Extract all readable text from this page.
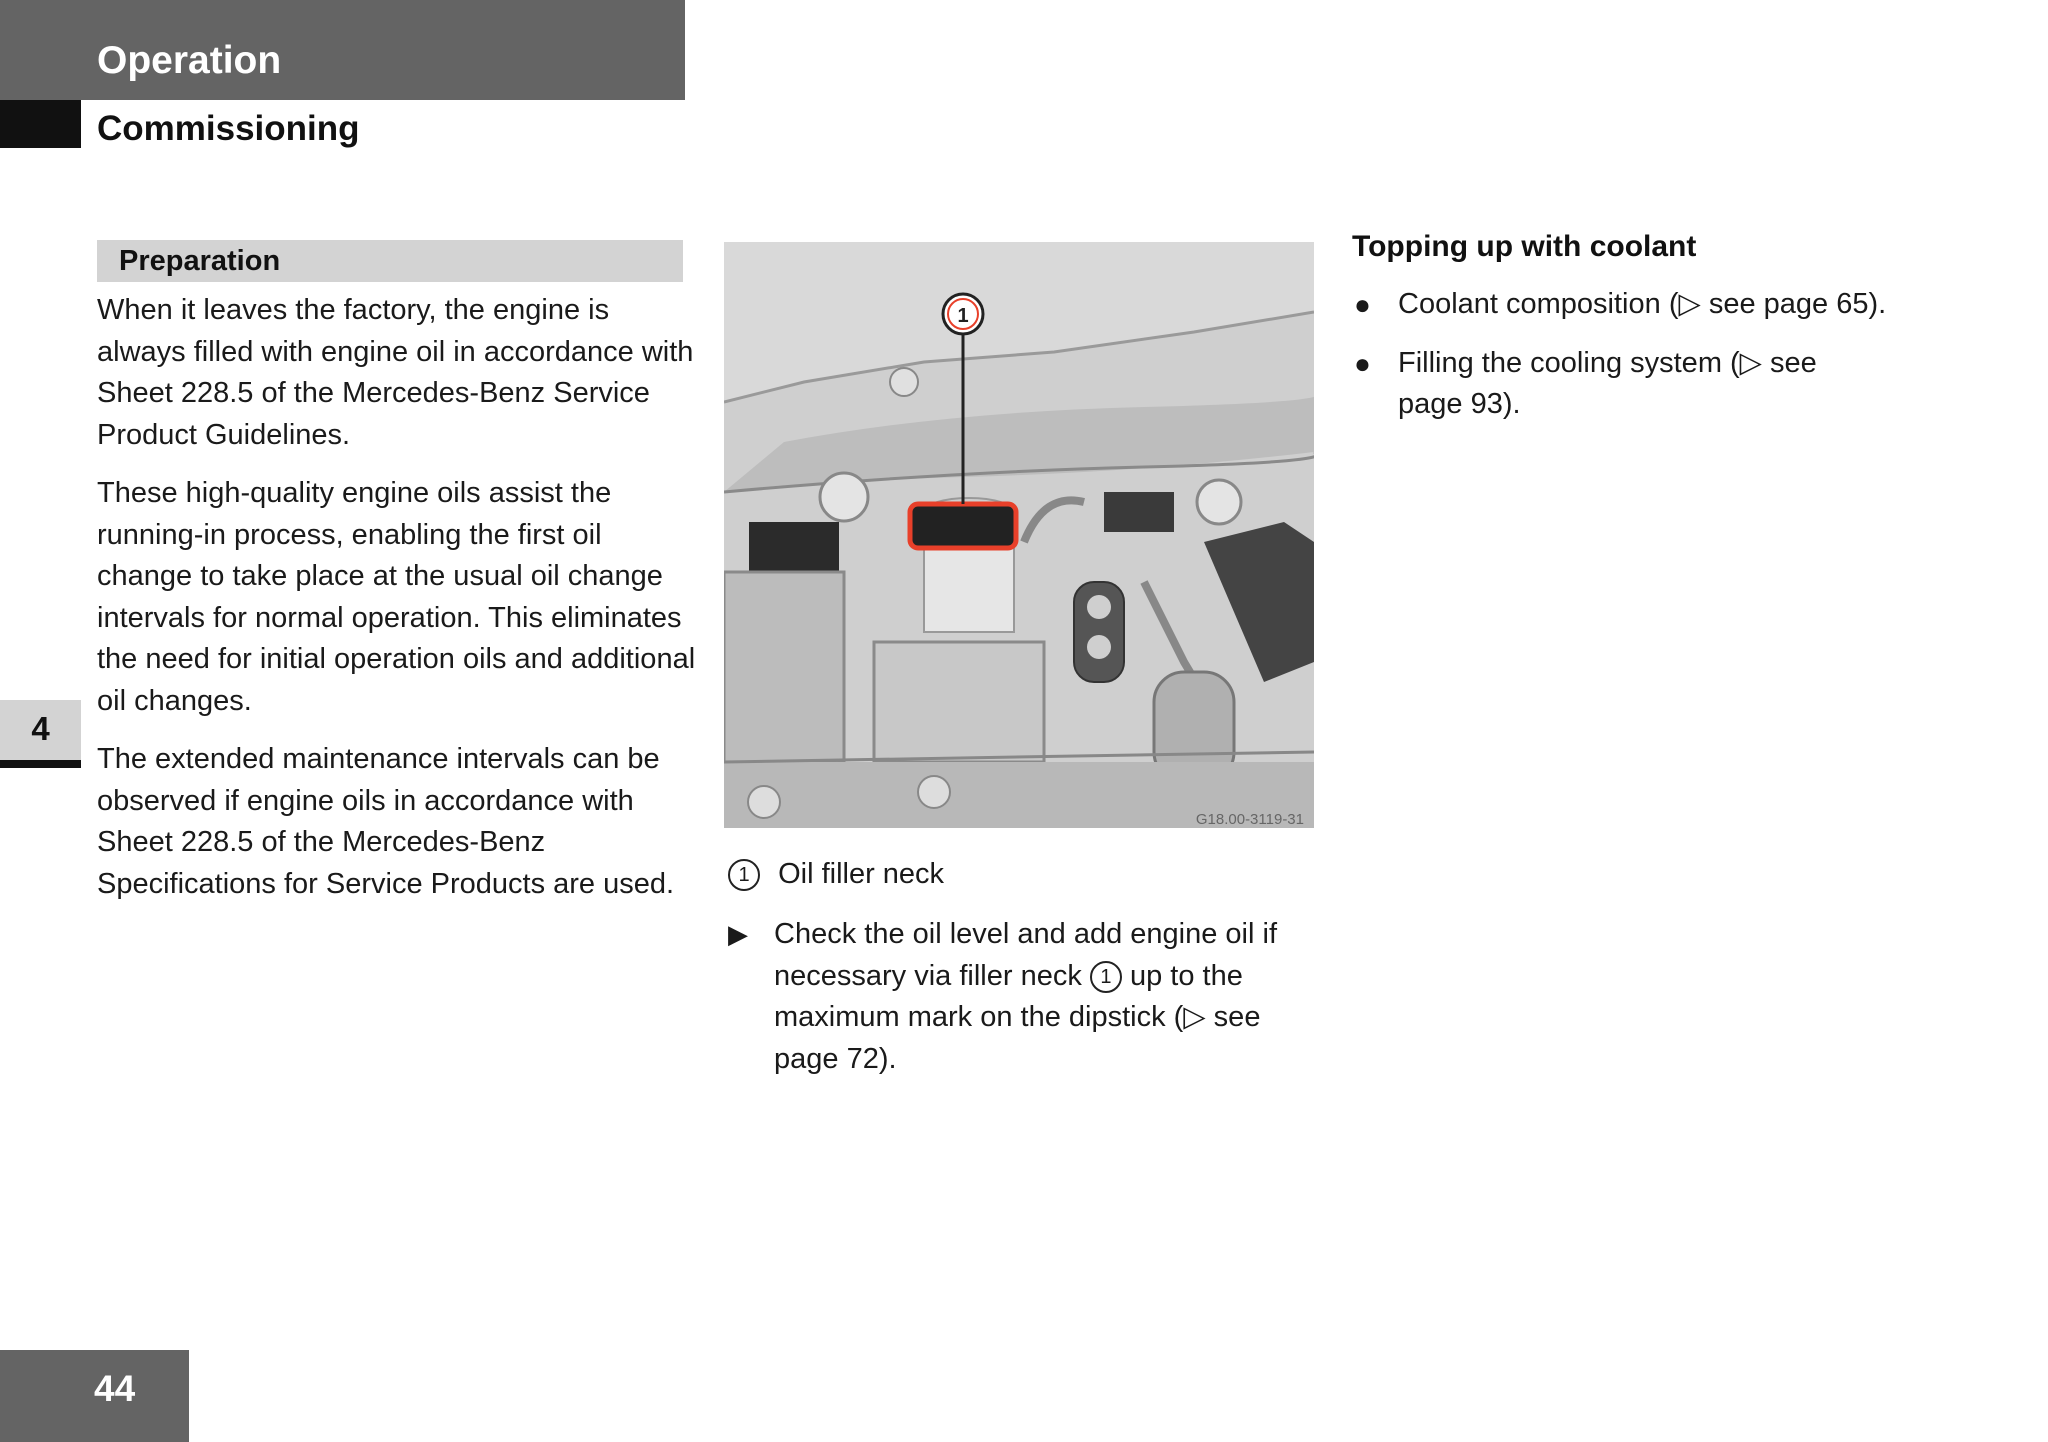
Operation
Commissioning
Preparation

When it leaves the factory, the engine is always filled with engine oil in accordance with Sheet 228.5 of the Mercedes-Benz Service Product Guidelines.

These high-quality engine oils assist the running-in process, enabling the first oil change to take place at the usual oil change intervals for normal operation. This eliminates the need for initial operation oils and additional oil changes.

The extended maintenance intervals can be observed if engine oils in accordance with Sheet 228.5 of the Mercedes-Benz Specifications for Service Products are used.

4
1
G18.00-3119-31
1 Oil filler neck
▶ Check the oil level and add engine oil if necessary via filler neck 1 up to the maximum mark on the dipstick (▷ see page 72).
Topping up with coolant
● Coolant composition (▷ see page 65).
● Filling the cooling system (▷ see page 93).
44
